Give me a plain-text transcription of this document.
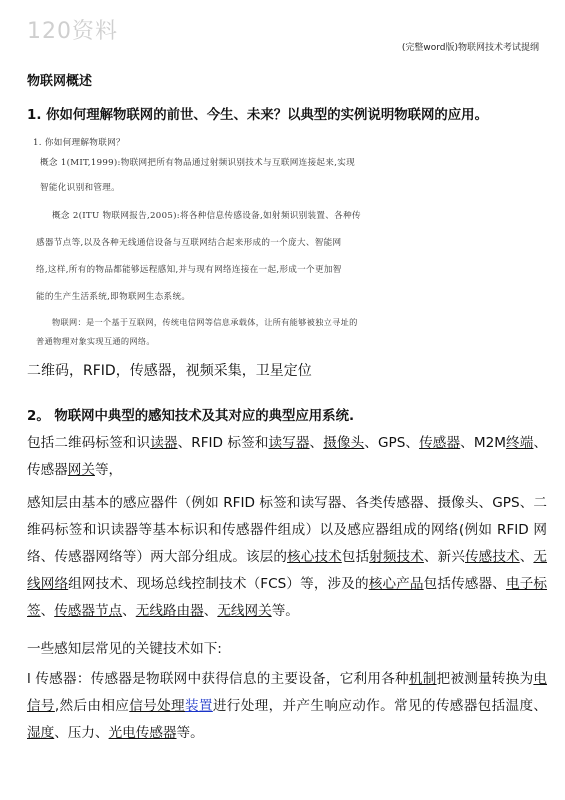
120资料
(完整word版)物联网技术考试提纲
物联网概述
1. 你如何理解物联网的前世、今生、未来？以典型的实例说明物联网的应用。
1. 你如何理解物联网？
概念 1(MIT,1999):物联网把所有物品通过射频识别技术与互联网连接起来,实现
智能化识别和管理。
概念 2(ITU 物联网报告,2005):将各种信息传感设备,如射频识别装置、各种传
感器节点等,以及各种无线通信设备与互联网结合起来形成的一个庞大、智能网
络,这样,所有的物品都能够远程感知,并与现有网络连接在一起,形成一个更加智
能的生产生活系统,即物联网生态系统。
物联网：是一个基于互联网，传统电信网等信息承载体，让所有能够被独立寻址的
普通物理对象实现互通的网络。
二维码，RFID，传感器，视频采集，卫星定位
2。 物联网中典型的感知技术及其对应的典型应用系统.
包括二维码标签和识读器、RFID 标签和读写器、摄像头、GPS、传感器、M2M终端、传感器网关等，
感知层由基本的感应器件（例如 RFID 标签和读写器、各类传感器、摄像头、GPS、二维码标签和识读器等基本标识和传感器件组成）以及感应器组成的网络(例如 RFID 网络、传感器网络等）两大部分组成。该层的核心技术包括射频技术、新兴传感技术、无线网络组网技术、现场总线控制技术（FCS）等，涉及的核心产品包括传感器、电子标签、传感器节点、无线路由器、无线网关等。
一些感知层常见的关键技术如下:
l 传感器：传感器是物联网中获得信息的主要设备，它利用各种机制把被测量转换为电信号,然后由相应信号处理装置进行处理，并产生响应动作。常见的传感器包括温度、湿度、压力、光电传感器等。
